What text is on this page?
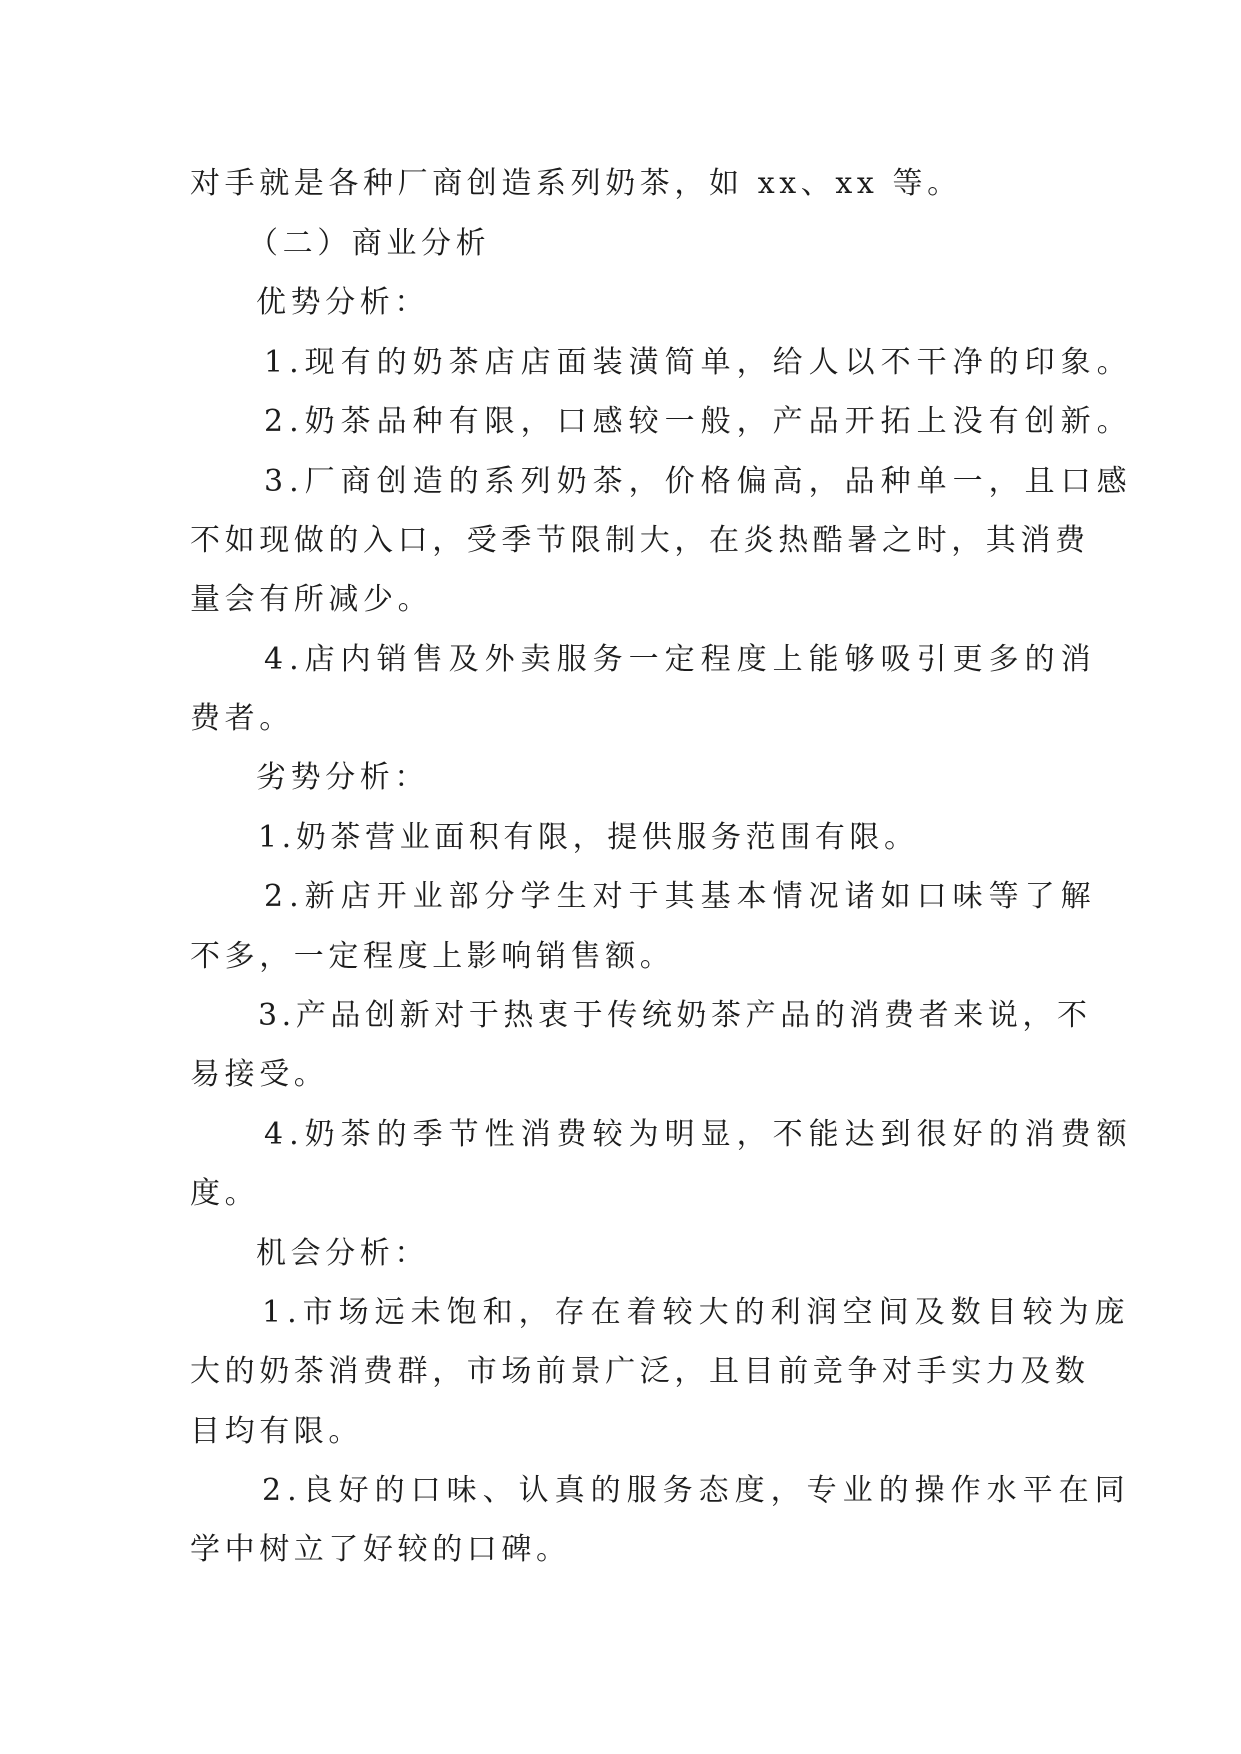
对手就是各种厂商创造系列奶茶，如 xx、xx 等。

（二）商业分析

优势分析：

1.现有的奶茶店店面装潢简单，给人以不干净的印象。

2.奶茶品种有限，口感较一般，产品开拓上没有创新。

3.厂商创造的系列奶茶，价格偏高，品种单一，且口感

不如现做的入口，受季节限制大，在炎热酷暑之时，其消费

量会有所减少。

4.店内销售及外卖服务一定程度上能够吸引更多的消

费者。

劣势分析：

1.奶茶营业面积有限，提供服务范围有限。

2.新店开业部分学生对于其基本情况诸如口味等了解

不多，一定程度上影响销售额。

3.产品创新对于热衷于传统奶茶产品的消费者来说，不

易接受。

4.奶茶的季节性消费较为明显，不能达到很好的消费额

度。

机会分析：

1.市场远未饱和，存在着较大的利润空间及数目较为庞

大的奶茶消费群，市场前景广泛，且目前竞争对手实力及数

目均有限。

2.良好的口味、认真的服务态度，专业的操作水平在同

学中树立了好较的口碑。
